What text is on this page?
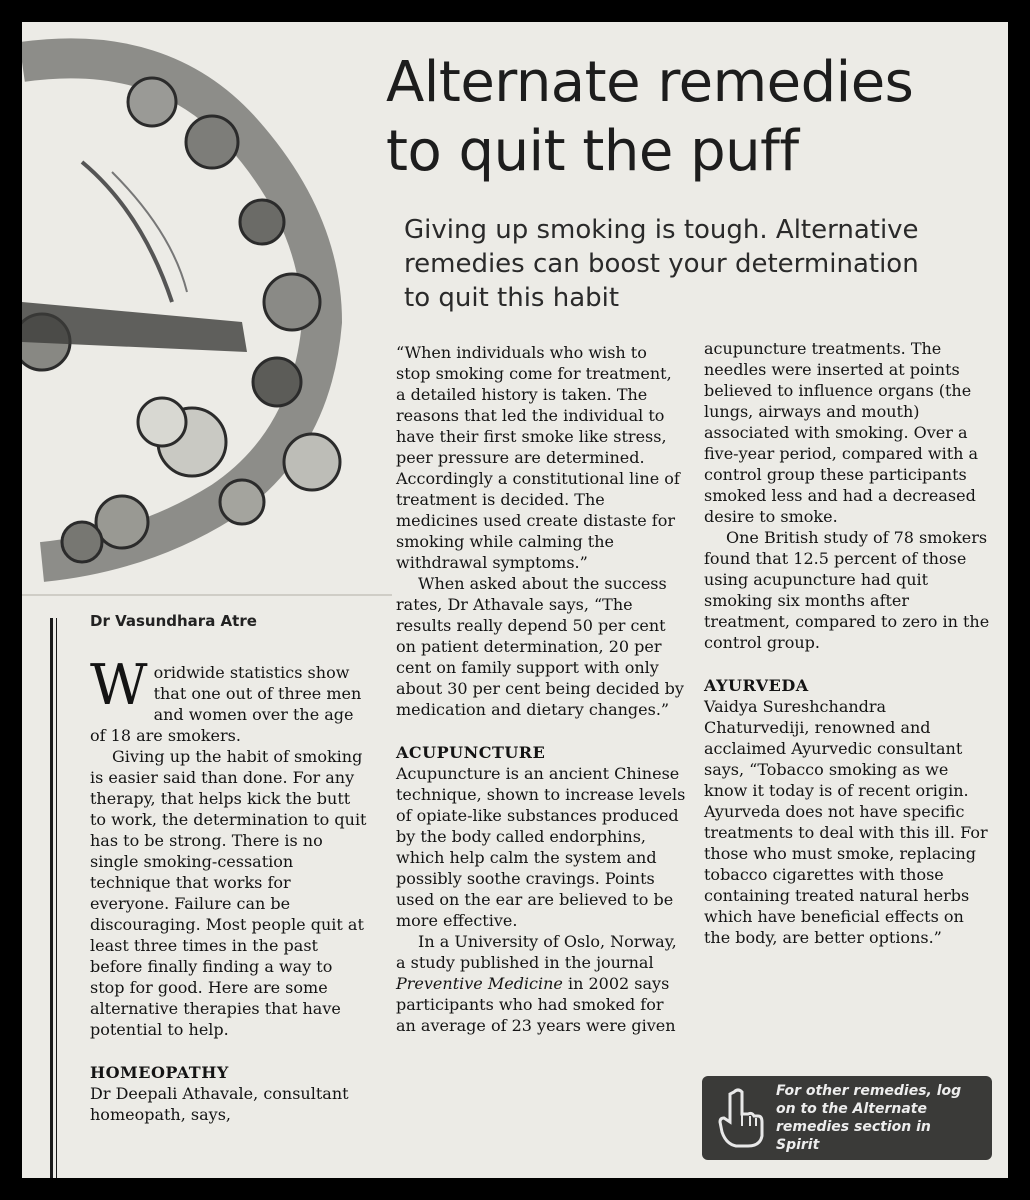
Alternate remedies
to quit the puff
Giving up smoking is tough. Alternative
remedies can boost your determination
to quit this habit
Dr Vasundhara Atre

Woridwide statistics show that one out of three men and women over the age of 18 are smokers.

Giving up the habit of smoking is easier said than done. For any therapy, that helps kick the butt to work, the determination to quit has to be strong. There is no single smoking-cessation technique that works for everyone. Failure can be discouraging. Most people quit at least three times in the past before finally finding a way to stop for good. Here are some alternative therapies that have potential to help.

HOMEOPATHY

Dr Deepali Athavale, consultant homeopath, says,

“When individuals who wish to stop smoking come for treatment, a detailed history is taken. The reasons that led the individual to have their first smoke like stress, peer pressure are determined. Accordingly a constitutional line of treatment is decided. The medicines used create distaste for smoking while calming the withdrawal symptoms.”

When asked about the success rates, Dr Athavale says, “The results really depend 50 per cent on patient determination, 20 per cent on family support with only about 30 per cent being decided by medication and dietary changes.”

ACUPUNCTURE

Acupuncture is an ancient Chinese technique, shown to increase levels of opiate-like substances produced by the body called endorphins, which help calm the system and possibly soothe cravings. Points used on the ear are believed to be more effective.

In a University of Oslo, Norway, a study published in the journal Preventive Medicine in 2002 says participants who had smoked for an average of 23 years were given

acupuncture treatments. The needles were inserted at points believed to influence organs (the lungs, airways and mouth) associated with smoking. Over a five-year period, compared with a control group these participants smoked less and had a decreased desire to smoke.

One British study of 78 smokers found that 12.5 percent of those using acupuncture had quit smoking six months after treatment, compared to zero in the control group.

AYURVEDA

Vaidya Sureshchandra Chaturvediji, renowned and acclaimed Ayurvedic consultant says, “Tobacco smoking as we know it today is of recent origin. Ayurveda does not have specific treatments to deal with this ill. For those who must smoke, replacing tobacco cigarettes with those containing treated natural herbs which have beneficial effects on the body, are better options.”

For other remedies, log
on to the Alternate
remedies section in
Spirit
